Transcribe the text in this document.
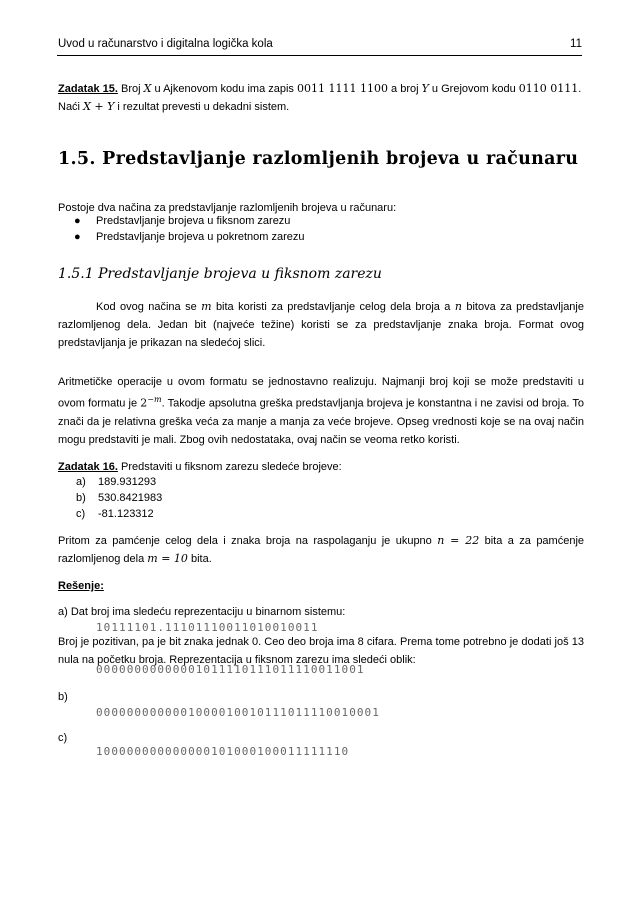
Uvod u računarstvo i digitalna logička kola	11
Zadatak 15. Broj X u Ajkenovom kodu ima zapis 0011 1111 1100 a broj Y u Grejovom kodu 0110 0111.
Naći X + Y i rezultat prevesti u dekadni sistem.
1.5. Predstavljanje razlomljenih brojeva u računaru
Postoje dva načina za predstavljanje razlomljenih brojeva u računaru:
● Predstavljanje brojeva u fiksnom zarezu
● Predstavljanje brojeva u pokretnom zarezu
1.5.1 Predstavljanje brojeva u fiksnom zarezu
Kod ovog načina se m bita koristi za predstavljanje celog dela broja a n bitova za predstavljanje razlomljenog dela. Jedan bit (najveće težine) koristi se za predstavljanje znaka broja. Format ovog predstavljanja je prikazan na sledećoj slici.
Aritmetičke operacije u ovom formatu se jednostavno realizuju. Najmanji broj koji se može predstaviti u ovom formatu je $2^{-m}$. Takodje apsolutna greška predstavljanja brojeva je konstantna i ne zavisi od broja. To znači da je relativna greška veća za manje a manja za veće brojeve. Opseg vrednosti koje se na ovaj način mogu predstaviti je mali. Zbog ovih nedostataka, ovaj način se veoma retko koristi.
Zadatak 16. Predstaviti u fiksnom zarezu sledeće brojeve:
a) 189.931293
b) 530.8421983
c) -81.123312
Pritom za pamćenje celog dela i znaka broja na raspolaganju je ukupno n = 22 bita a za pamćenje razlomljenog dela m = 10 bita.
Rešenje:
a) Dat broj ima sledeću reprezentaciju u binarnom sistemu:
10111101.11101110011010010011
Broj je pozitivan, pa je bit znaka jednak 0. Ceo deo broja ima 8 cifara. Prema tome potrebno je dodati još 13 nula na početku broja. Reprezentacija u fiksnom zarezu ima sledeći oblik:
00000000000001011110111011110011001
b)
0000000000001000010010111011110010001
c)
100000000000000101000100011111110
